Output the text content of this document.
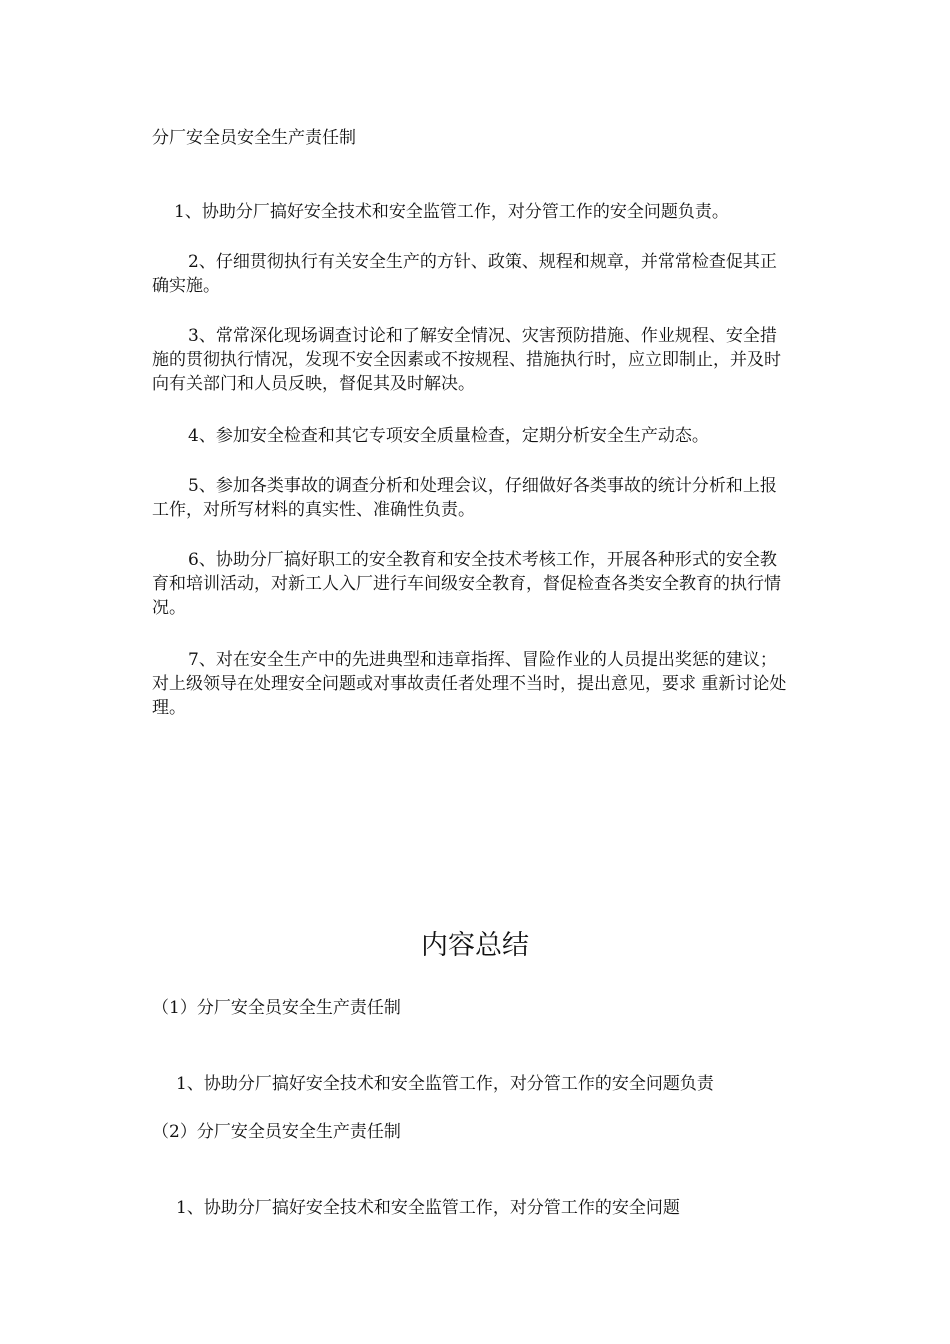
分厂安全员安全生产责任制

1、协助分厂搞好安全技术和安全监管工作，对分管工作的安全问题负责。

2、仔细贯彻执行有关安全生产的方针、政策、规程和规章，并常常检查促其正确实施。

3、常常深化现场调查讨论和了解安全情况、灾害预防措施、作业规程、安全措施的贯彻执行情况，发现不安全因素或不按规程、措施执行时，应立即制止，并及时向有关部门和人员反映，督促其及时解决。

4、参加安全检查和其它专项安全质量检查，定期分析安全生产动态。

5、参加各类事故的调查分析和处理会议，仔细做好各类事故的统计分析和上报工作，对所写材料的真实性、准确性负责。

6、协助分厂搞好职工的安全教育和安全技术考核工作，开展各种形式的安全教育和培训活动，对新工人入厂进行车间级安全教育，督促检查各类安全教育的执行情况。

7、对在安全生产中的先进典型和违章指挥、冒险作业的人员提出奖惩的建议；对上级领导在处理安全问题或对事故责任者处理不当时，提出意见，要求 重新讨论处理。

内容总结
（1）分厂安全员安全生产责任制

1、协助分厂搞好安全技术和安全监管工作，对分管工作的安全问题负责

（2）分厂安全员安全生产责任制

1、协助分厂搞好安全技术和安全监管工作，对分管工作的安全问题
